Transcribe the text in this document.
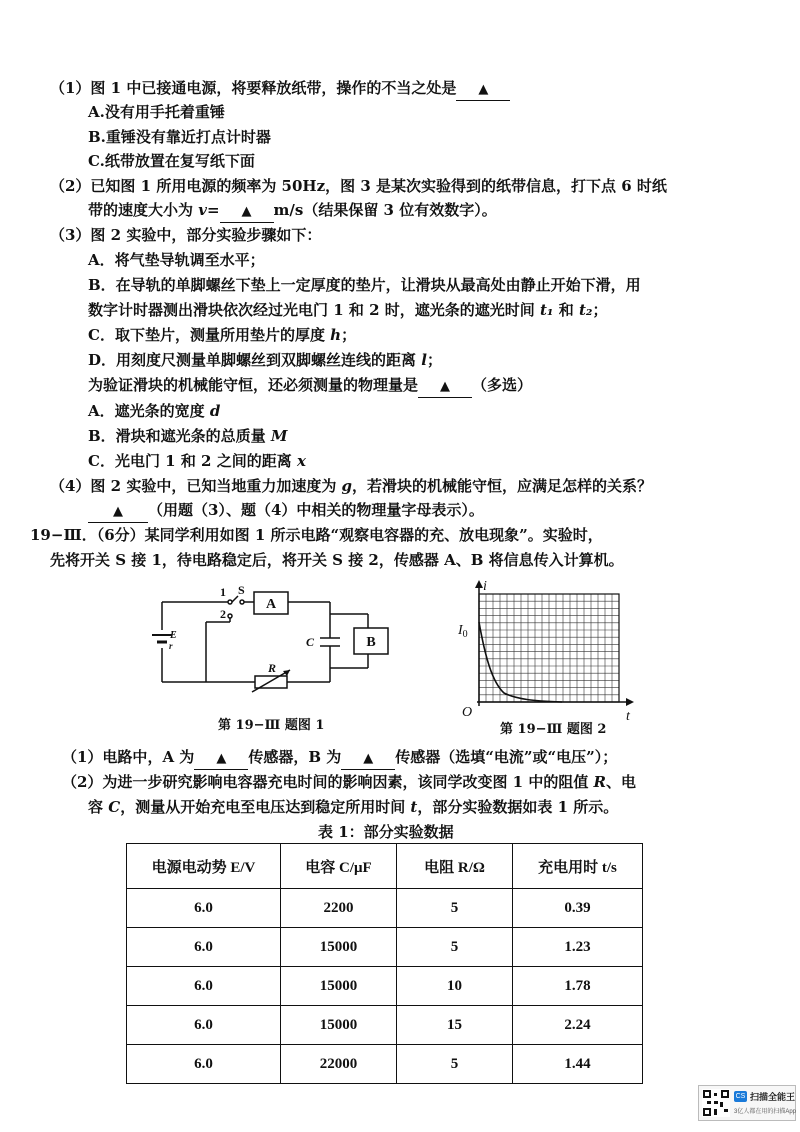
（1）图 1 中已接通电源，将要释放纸带，操作的不当之处是 ▲
A.没有用手托着重锤
B.重锤没有靠近打点计时器
C.纸带放置在复写纸下面
（2）已知图 1 所用电源的频率为 50Hz，图 3 是某次实验得到的纸带信息，打下点 6 时纸
带的速度大小为 v= ▲ m/s（结果保留 3 位有效数字）。
（3）图 2 实验中，部分实验步骤如下：
A．将气垫导轨调至水平；
B．在导轨的单脚螺丝下垫上一定厚度的垫片，让滑块从最高处由静止开始下滑，用
数字计时器测出滑块依次经过光电门 1 和 2 时，遮光条的遮光时间 t₁ 和 t₂；
C．取下垫片，测量所用垫片的厚度 h；
D．用刻度尺测量单脚螺丝到双脚螺丝连线的距离 l；
为验证滑块的机械能守恒，还必须测量的物理量是 ▲ （多选）
A．遮光条的宽度 d
B．滑块和遮光条的总质量 M
C．光电门 1 和 2 之间的距离 x
（4）图 2 实验中，已知当地重力加速度为 g，若滑块的机械能守恒，应满足怎样的关系？
▲ （用题（3）、题（4）中相关的物理量字母表示）。
19−Ⅲ．（6分）某同学利用如图 1 所示电路“观察电容器的充、放电现象”。实验时，
先将开关 S 接 1，待电路稳定后，将开关 S 接 2，传感器 A、B 将信息传入计算机。
1
2
S
A
B
C
E
r
R
第 19−Ⅲ 题图 1
i
$I_0$
O	t
第 19−Ⅲ 题图 2
（1）电路中，A 为 ▲ 传感器，B 为 ▲ 传感器（选填“电流”或“电压”）；
（2）为进一步研究影响电容器充电时间的影响因素，该同学改变图 1 中的阻值 R、电
容 C，测量从开始充电至电压达到稳定所用时间 t，部分实验数据如表 1 所示。
表 1：部分实验数据
电源电动势 E/V	电容 C/μF	电阻 R/Ω	充电用时 t/s
6.0	2200	5	0.39
6.0	15000	5	1.23
6.0	15000	10	1.78
6.0	15000	15	2.24
6.0	22000	5	1.44
CS 扫描全能王
3亿人都在用的扫描App
